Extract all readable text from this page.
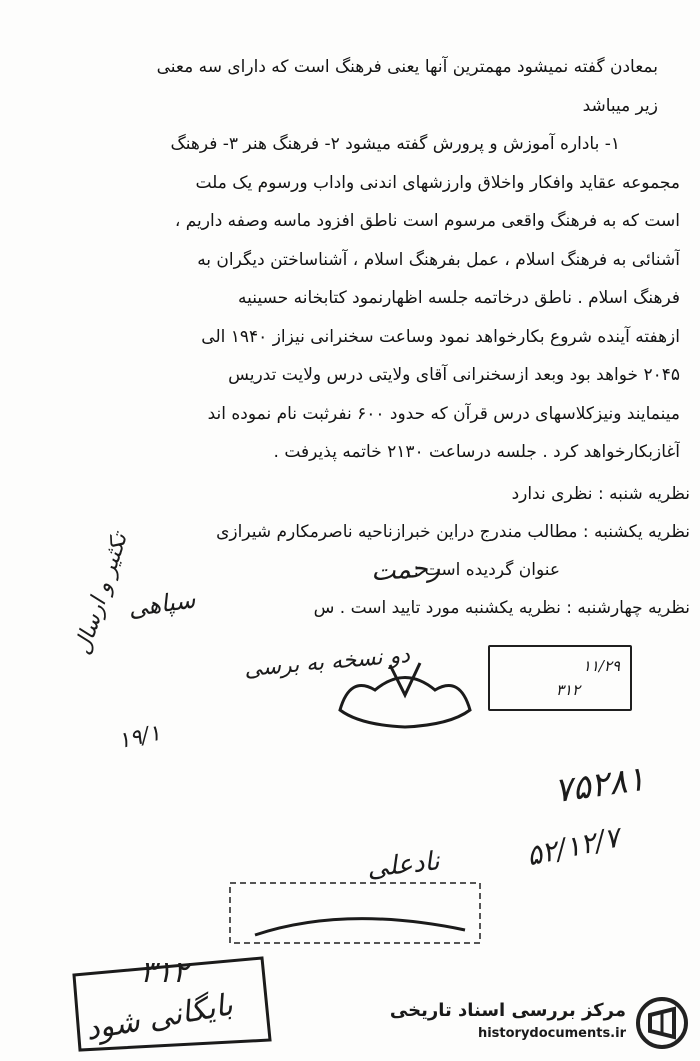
بمعادن گفته نمیشود مهمترین آنها یعنی فرهنگ است که دارای سه معنی
زیر میباشد
۱- باداره آموزش و پرورش گفته میشود ۲- فرهنگ هنر ۳- فرهنگ
مجموعه عقاید وافکار واخلاق وارزشهای اندنی واداب ورسوم یک ملت
است که به فرهنگ واقعی مرسوم است ناطق افزود ماسه وصفه داریم ،
آشنائی به فرهنگ اسلام ، عمل بفرهنگ اسلام ، آشناساختن دیگران به
فرهنگ اسلام . ناطق درخاتمه جلسه اظهارنمود کتابخانه حسینیه
ازهفته آینده شروع بکارخواهد نمود وساعت سخنرانی نیزاز ۱۹۴۰ الی
۲۰۴۵ خواهد بود وبعد ازسخنرانی آقای ولایتی درس ولایت تدریس
مینمایند ونیزکلاسهای درس قرآن که حدود ۶۰۰ نفرثبت نام نموده اند
آغازبکارخواهد کرد . جلسه درساعت ۲۱۳۰ خاتمه پذیرفت .
نظریه شنبه : نظری ندارد
نظریه یکشنبه : مطالب مندرج دراین خبرازناحیه ناصرمکارم شیرازی
عنوان گردیده است :
نظریه چهارشنبه : نظریه یکشنبه مورد تایید است . س
رحمت
سپاهی
تکثیر و ارسال
۱۹/۱
دو نسخه به برسی	۱۱/۲۹
۳۱۲
۷۵۲۸۱
۵۲/۱۲/۷
نادعلی
۳۱۲
بایگانی شود	مرکز بررسی اسناد تاریخی
historydocuments.ir
